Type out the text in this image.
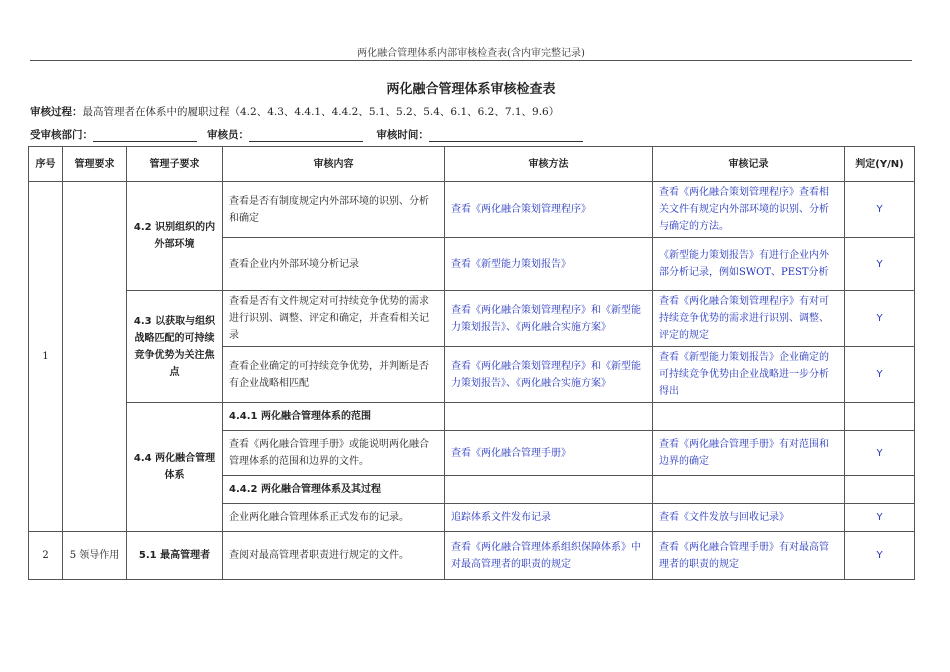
两化融合管理体系内部审核检查表(含内审完整记录)
两化融合管理体系审核检查表
审核过程：最高管理者在体系中的履职过程（4.2、4.3、4.4.1、4.4.2、5.1、5.2、5.4、6.1、6.2、7.1、9.6）
受审核部门：	审核员：	审核时间：
序号	管理要求	管理子要求	审核内容	审核方法	审核记录	判定(Y/N)
1		4.2 识别组织的内外部环境	查看是否有制度规定内外部环境的识别、分析和确定	查看《两化融合策划管理程序》	查看《两化融合策划管理程序》查看相关文件有规定内外部环境的识别、分析与确定的方法。	Y
			查看企业内外部环境分析记录	查看《新型能力策划报告》	《新型能力策划报告》有进行企业内外部分析记录，例如SWOT、PEST分析	Y
		4.3 以获取与组织战略匹配的可持续竞争优势为关注焦点	查看是否有文件规定对可持续竞争优势的需求进行识别、调整、评定和确定，并查看相关记录	查看《两化融合策划管理程序》和《新型能力策划报告》、《两化融合实施方案》	查看《两化融合策划管理程序》有对可持续竞争优势的需求进行识别、调整、评定的规定	Y
			查看企业确定的可持续竞争优势，并判断是否有企业战略相匹配	查看《两化融合策划管理程序》和《新型能力策划报告》、《两化融合实施方案》	查看《新型能力策划报告》企业确定的可持续竞争优势由企业战略进一步分析得出	Y
		4.4 两化融合管理体系	4.4.1 两化融合管理体系的范围			
			查看《两化融合管理手册》或能说明两化融合管理体系的范围和边界的文件。	查看《两化融合管理手册》	查看《两化融合管理手册》有对范围和边界的确定	Y
			4.4.2 两化融合管理体系及其过程			
			企业两化融合管理体系正式发布的记录。	追踪体系文件发布记录	查看《文件发放与回收记录》	Y
2	5 领导作用	5.1 最高管理者	查阅对最高管理者职责进行规定的文件。	查看《两化融合管理体系组织保障体系》中对最高管理者的职责的规定	查看《两化融合管理手册》有对最高管理者的职责的规定	Y
